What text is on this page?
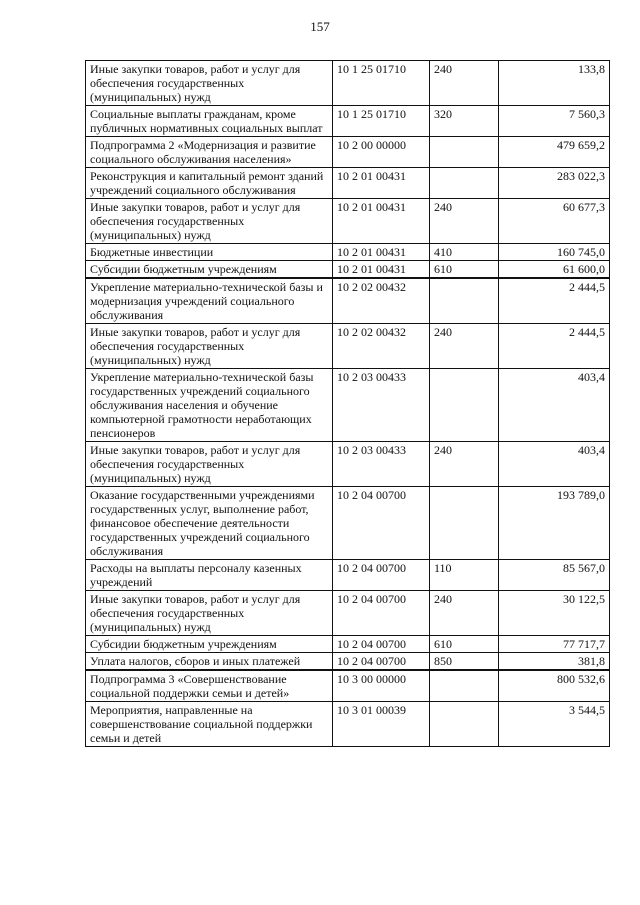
157
Иные закупки товаров, работ и услуг для обеспечения государственных (муниципальных) нужд	10 1 25 01710	240	133,8
Социальные выплаты гражданам, кроме публичных нормативных социальных выплат	10 1 25 01710	320	7 560,3
Подпрограмма 2 «Модернизация и развитие социального обслуживания населения»	10 2 00 00000		479 659,2
Реконструкция и капитальный ремонт зданий учреждений социального обслуживания	10 2 01 00431		283 022,3
Иные закупки товаров, работ и услуг для обеспечения государственных (муниципальных) нужд	10 2 01 00431	240	60 677,3
Бюджетные инвестиции	10 2 01 00431	410	160 745,0
Субсидии бюджетным учреждениям	10 2 01 00431	610	61 600,0
Укрепление материально-технической базы и модернизация учреждений социального обслуживания	10 2 02 00432		2 444,5
Иные закупки товаров, работ и услуг для обеспечения государственных (муниципальных) нужд	10 2 02 00432	240	2 444,5
Укрепление материально-технической базы государственных учреждений социального обслуживания населения и обучение компьютерной грамотности неработающих пенсионеров	10 2 03 00433		403,4
Иные закупки товаров, работ и услуг для обеспечения государственных (муниципальных) нужд	10 2 03 00433	240	403,4
Оказание государственными учреждениями государственных услуг, выполнение работ, финансовое обеспечение деятельности государственных учреждений социального обслуживания	10 2 04 00700		193 789,0
Расходы на выплаты персоналу казенных учреждений	10 2 04 00700	110	85 567,0
Иные закупки товаров, работ и услуг для обеспечения государственных (муниципальных) нужд	10 2 04 00700	240	30 122,5
Субсидии бюджетным учреждениям	10 2 04 00700	610	77 717,7
Уплата налогов, сборов и иных платежей	10 2 04 00700	850	381,8
Подпрограмма 3 «Совершенствование социальной поддержки семьи и детей»	10 3 00 00000		800 532,6
Мероприятия, направленные на совершенствование социальной поддержки семьи и детей	10 3 01 00039		3 544,5
